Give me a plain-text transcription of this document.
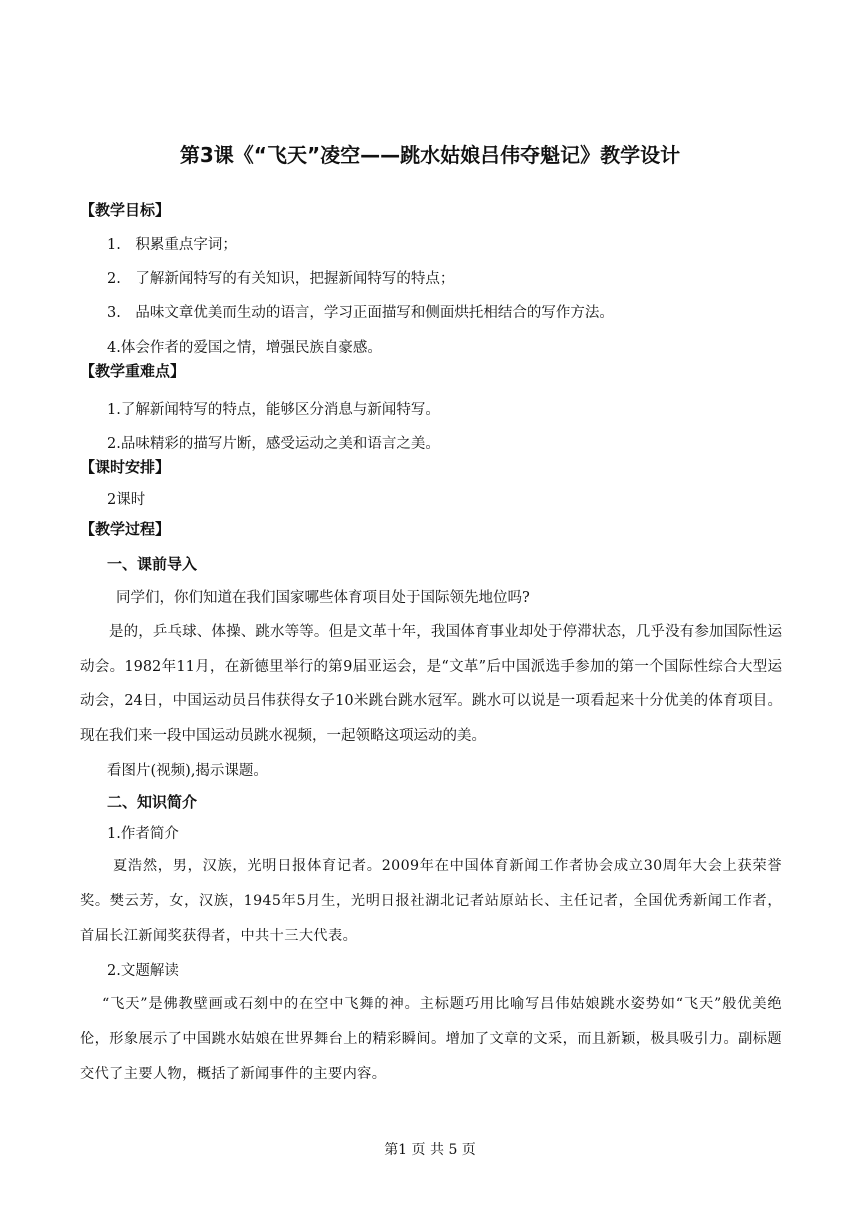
第3课《“飞天”凌空——跳水姑娘吕伟夺魁记》教学设计
【教学目标】
1.　积累重点字词；
2.　了解新闻特写的有关知识，把握新闻特写的特点；
3.　品味文章优美而生动的语言，学习正面描写和侧面烘托相结合的写作方法。
4.体会作者的爱国之情，增强民族自豪感。
【教学重难点】
1.了解新闻特写的特点，能够区分消息与新闻特写。
2.品味精彩的描写片断，感受运动之美和语言之美。
【课时安排】
2课时
【教学过程】
一、课前导入
同学们，你们知道在我们国家哪些体育项目处于国际领先地位吗?
是的，乒乓球、体操、跳水等等。但是文革十年，我国体育事业却处于停滞状态，几乎没有参加国际性运动会。1982年11月，在新德里举行的第9届亚运会，是“文革”后中国派选手参加的第一个国际性综合大型运动会，24日，中国运动员吕伟获得女子10米跳台跳水冠军。跳水可以说是一项看起来十分优美的体育项目。现在我们来一段中国运动员跳水视频，一起领略这项运动的美。
看图片(视频),揭示课题。
二、知识简介
1.作者简介
夏浩然，男，汉族，光明日报体育记者。2009年在中国体育新闻工作者协会成立30周年大会上获荣誉奖。樊云芳，女，汉族，1945年5月生，光明日报社湖北记者站原站长、主任记者，全国优秀新闻工作者，首届长江新闻奖获得者，中共十三大代表。
2.文题解读
“飞天”是佛教壁画或石刻中的在空中飞舞的神。主标题巧用比喻写吕伟姑娘跳水姿势如“飞天”般优美绝伦，形象展示了中国跳水姑娘在世界舞台上的精彩瞬间。增加了文章的文采，而且新颖，极具吸引力。副标题交代了主要人物，概括了新闻事件的主要内容。
第1 页 共 5 页
